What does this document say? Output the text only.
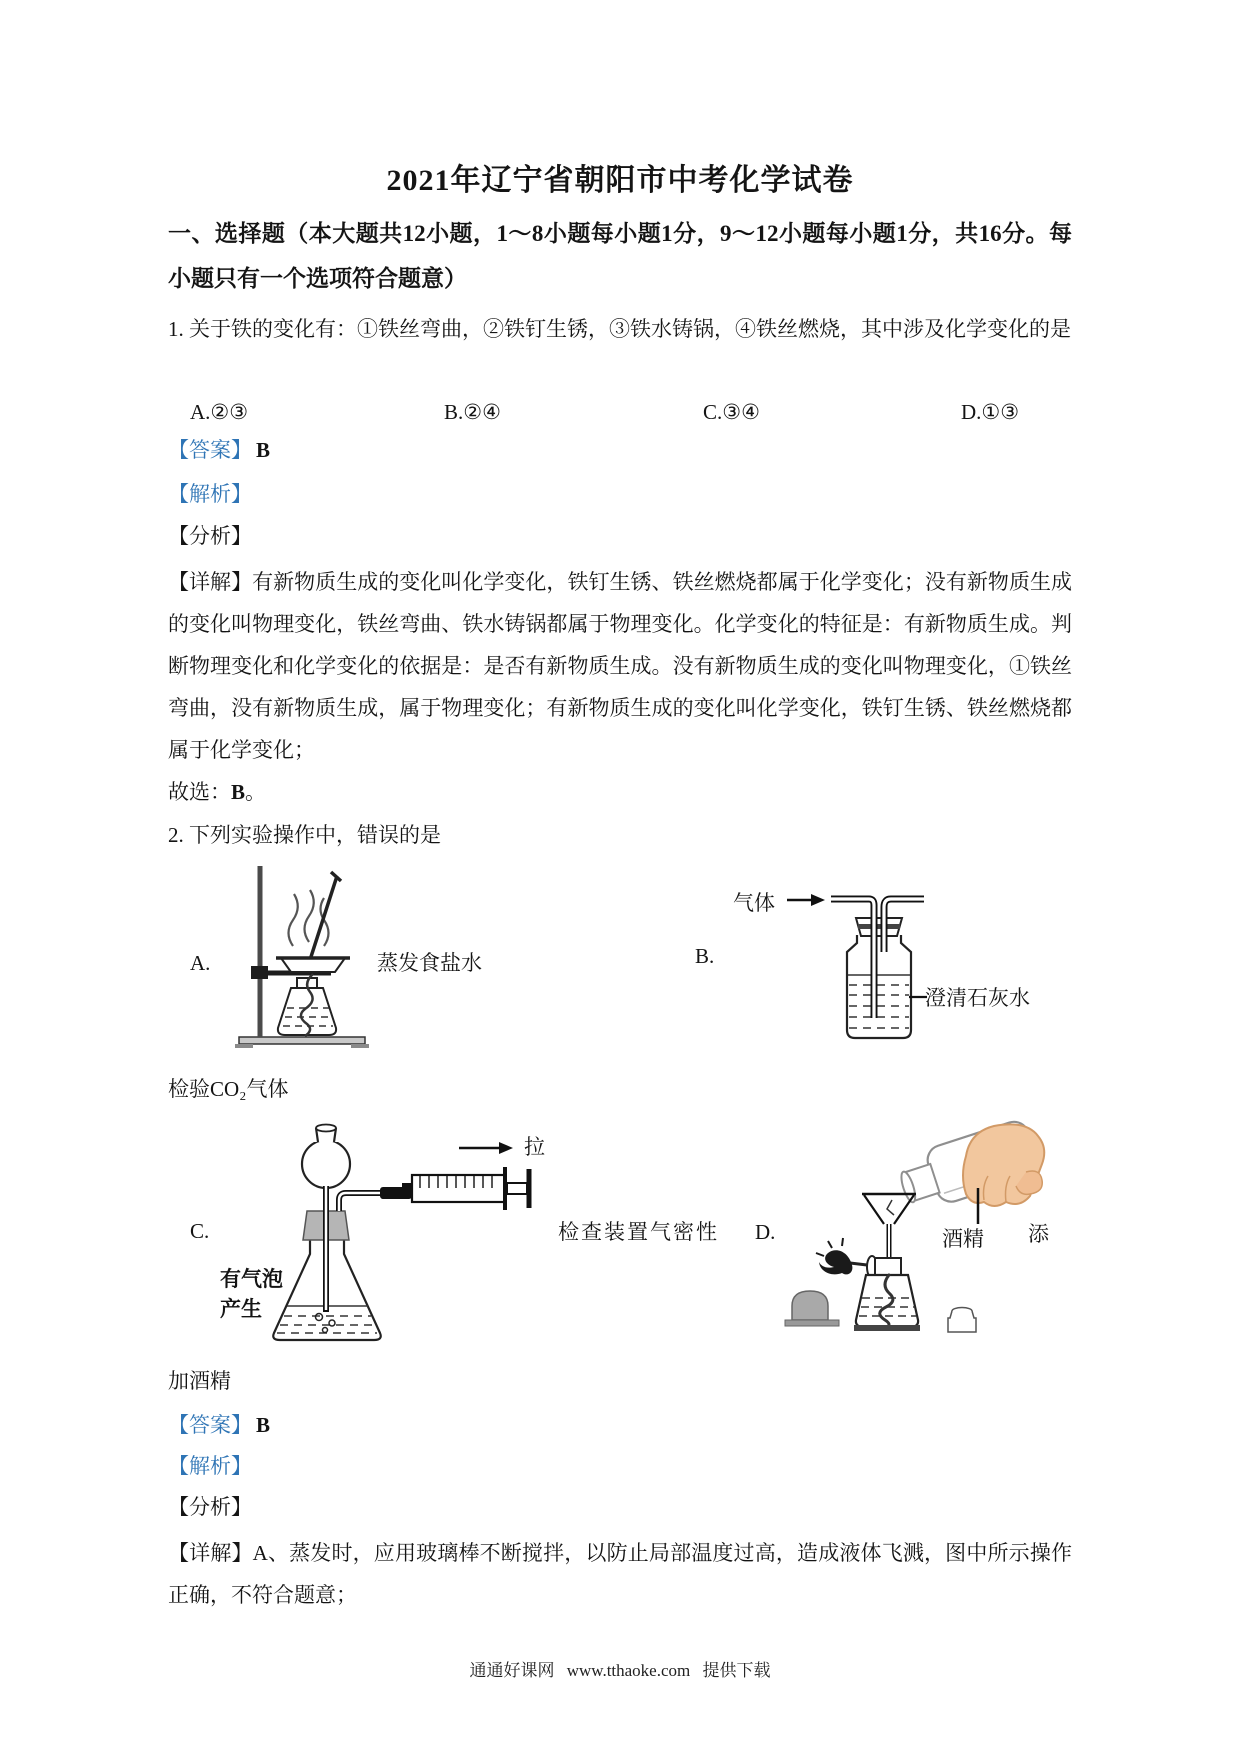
2021年辽宁省朝阳市中考化学试卷
一、选择题（本大题共12小题，1～8小题每小题1分，9～12小题每小题1分，共16分。每小题只有一个选项符合题意）
1. 关于铁的变化有：①铁丝弯曲，②铁钉生锈，③铁水铸锅，④铁丝燃烧，其中涉及化学变化的是
A.②③	B.②④	C.③④	D.①③
【答案】 B
【解析】
【分析】
【详解】有新物质生成的变化叫化学变化，铁钉生锈、铁丝燃烧都属于化学变化；没有新物质生成的变化叫物理变化，铁丝弯曲、铁水铸锅都属于物理变化。化学变化的特征是：有新物质生成。判断物理变化和化学变化的依据是：是否有新物质生成。没有新物质生成的变化叫物理变化，①铁丝弯曲，没有新物质生成，属于物理变化；有新物质生成的变化叫化学变化，铁钉生锈、铁丝燃烧都属于化学变化；
故选：B。
2. 下列实验操作中，错误的是
A.	蒸发食盐水	B.
气体
澄清石灰水
检验CO₂气体
C.
拉
有气泡
产生
检查装置气密性 D.	酒精 添
加酒精
【答案】 B
【解析】
【分析】
【详解】A、蒸发时，应用玻璃棒不断搅拌，以防止局部温度过高，造成液体飞溅，图中所示操作正确，不符合题意；
通通好课网 www.tthaoke.com 提供下载
